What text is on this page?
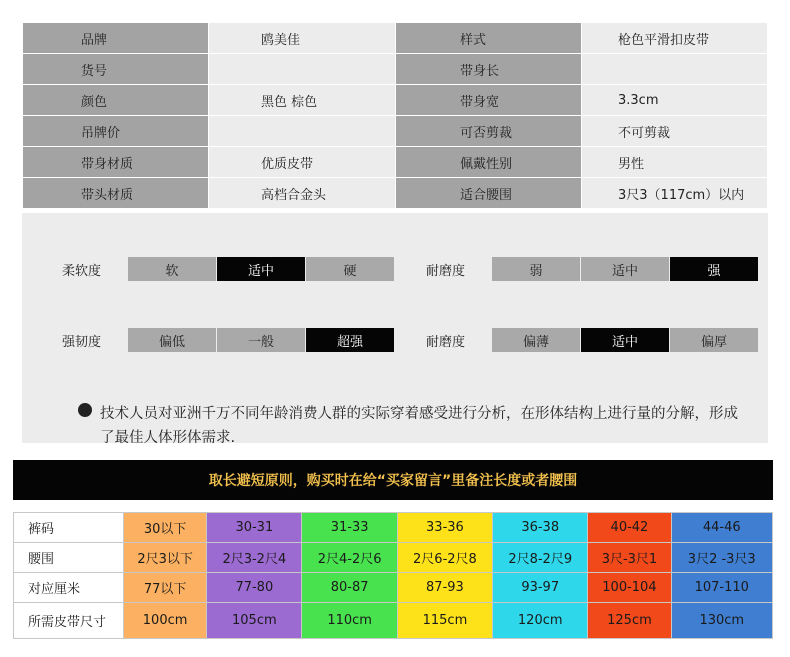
品牌	鸥美佳	样式	枪色平滑扣皮带
货号		带身长	
颜色	黑色 棕色	带身宽	3.3cm
吊牌价		可否剪裁	不可剪裁
带身材质	优质皮带	佩戴性别	男性
带头材质	高档合金头	适合腰围	3尺3（117cm）以内
柔软度	软	适中	硬	耐磨度	弱	适中	强
强韧度	偏低	一般	超强	耐磨度	偏薄	适中	偏厚

技术人员对亚洲千万不同年龄消费人群的实际穿着感受进行分析，在形体结构上进行量的分解，形成了最佳人体形体需求.

取长避短原则，购买时在给“买家留言”里备注长度或者腰围
裤码	30以下	30-31	31-33	33-36	36-38	40-42	44-46
腰围	2尺3以下	2尺3-2尺4	2尺4-2尺6	2尺6-2尺8	2尺8-2尺9	3尺-3尺1	3尺2 -3尺3
对应厘米	77以下	77-80	80-87	87-93	93-97	100-104	107-110
所需皮带尺寸	100cm	105cm	110cm	115cm	120cm	125cm	130cm
